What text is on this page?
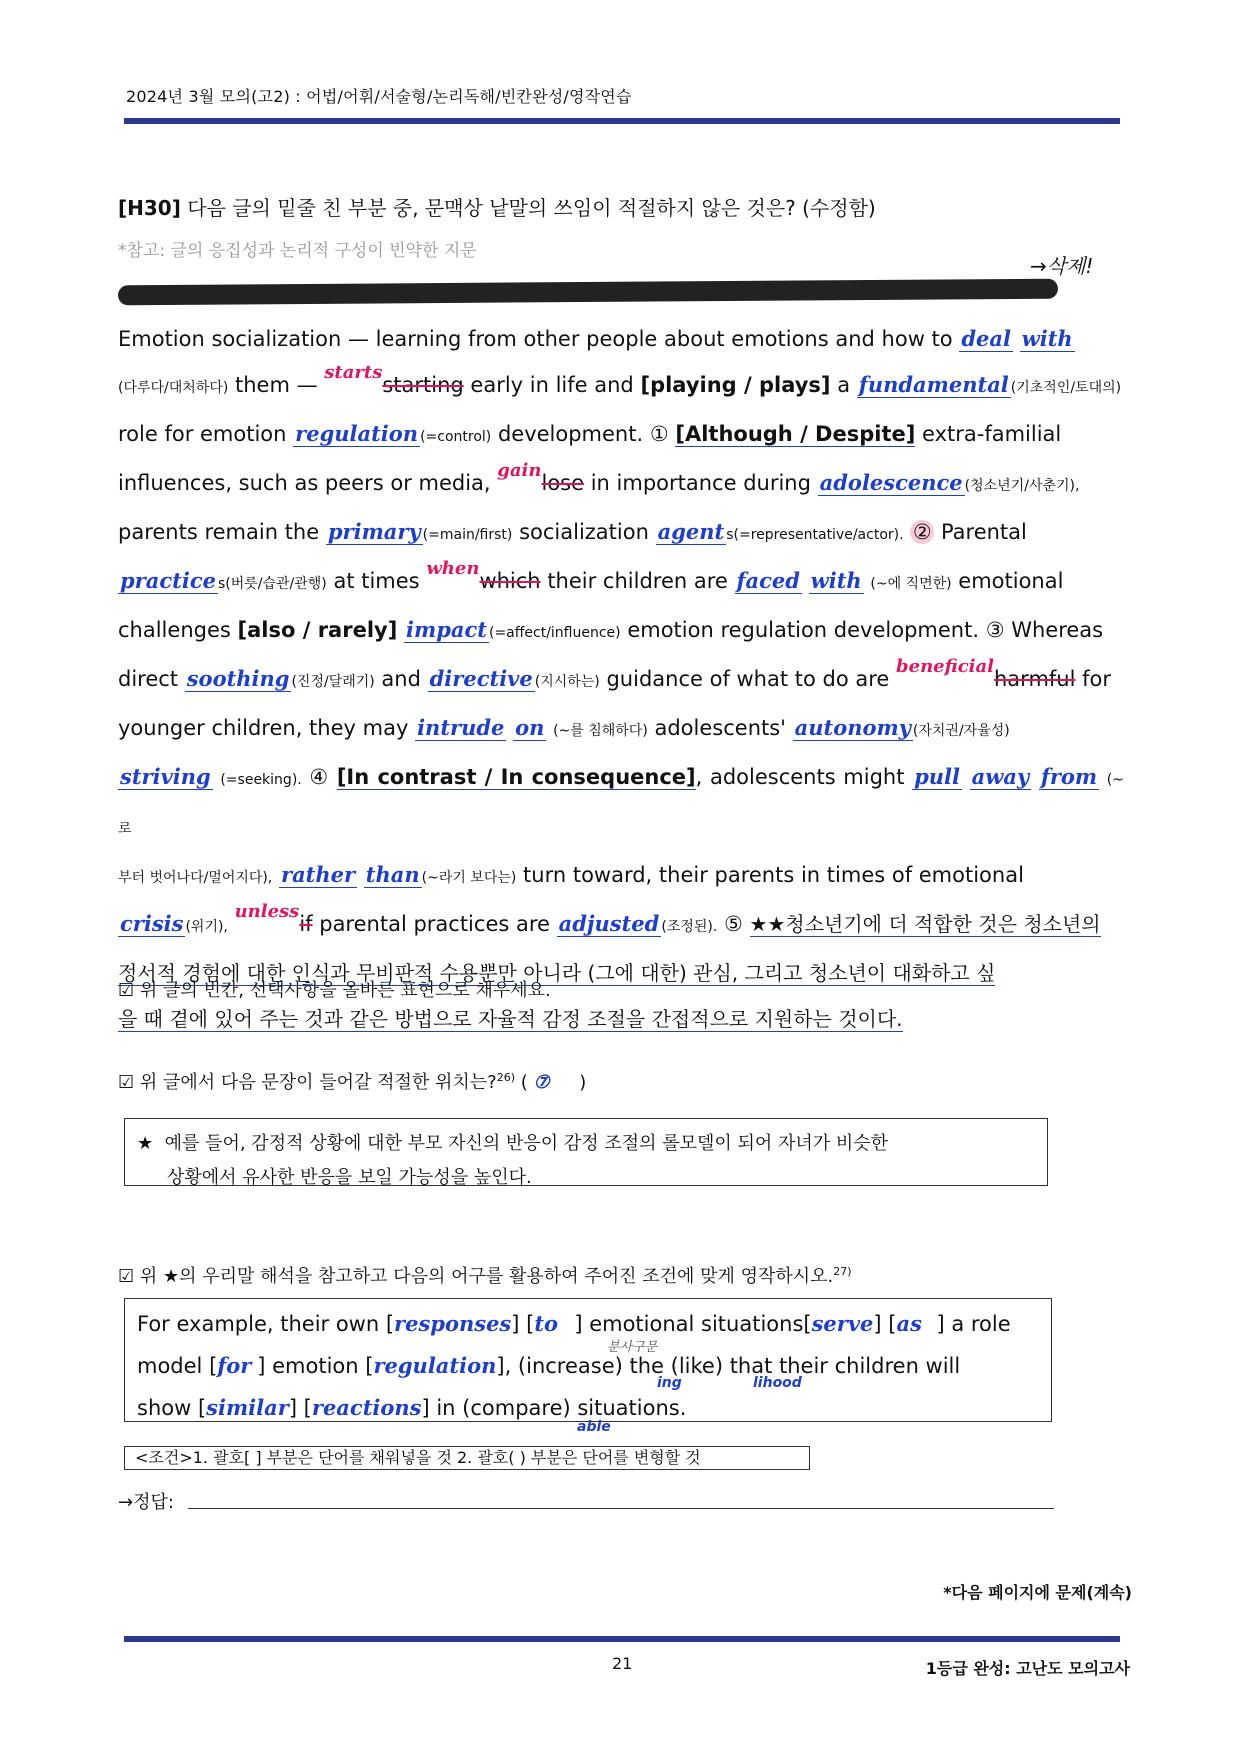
2024년 3월 모의(고2) : 어법/어휘/서술형/논리독해/빈칸완성/영작연습
[H30] 다음 글의 밑줄 친 부분 중, 문맥상 낱말의 쓰임이 적절하지 않은 것은? (수정함)
*참고: 글의 응집성과 논리적 구성이 빈약한 지문
→삭제!
Emotion socialization — learning from other people about emotions and how to deal with
(다루다/대처하다) them — startsstarting early in life and [playing / plays] a fundamental (기초적인/토대의)
role for emotion regulation (=control) development. ① [Although / Despite] extra-familial
influences, such as peers or media, gainlose in importance during adolescence (청소년기/사춘기),
parents remain the primary (=main/first) socialization agent s(=representative/actor). ② Parental
practice s(버릇/습관/관행) at times whenwhich their children are faced with (~에 직면한) emotional
challenges [also / rarely] impact (=affect/influence) emotion regulation development. ③ Whereas
direct soothing (진정/달래기) and directive (지시하는) guidance of what to do are beneficialharmful for
younger children, they may intrude on (~를 침해하다) adolescents' autonomy (자치권/자율성)
striving (=seeking). ④ [In contrast / In consequence], adolescents might pull away from (~로
부터 벗어나다/멀어지다), rather than (~라기 보다는) turn toward, their parents in times of emotional
crisis (위기), unlessif parental practices are adjusted (조정된). ⑤ ★★청소년기에 더 적합한 것은 청소년의
정서적 경험에 대한 인식과 무비판적 수용뿐만 아니라 (그에 대한) 관심, 그리고 청소년이 대화하고 싶
을 때 곁에 있어 주는 것과 같은 방법으로 자율적 감정 조절을 간접적으로 지원하는 것이다.
☑ 위 글의 빈칸, 선택사항을 올바른 표현으로 채우세요.
☑ 위 글에서 다음 문장이 들어갈 적절한 위치는?$^{26)}$ ( ⑦ )
★ 예를 들어, 감정적 상황에 대한 부모 자신의 반응이 감정 조절의 롤모델이 되어 자녀가 비슷한
상황에서 유사한 반응을 보일 가능성을 높인다.
☑ 위 ★의 우리말 해석을 참고하고 다음의 어구를 활용하여 주어진 조건에 맞게 영작하시오.$^{27)}$
For example, their own [responses] [to ] emotional situations[serve] [as ] a role
model [for ] emotion [regulation], (increase) the (like) that their children will
분사구문
ing	lihood
show [similar] [reactions] in (compare) situations.
able
<조건>1. 괄호[ ] 부분은 단어를 채워넣을 것 2. 괄호( ) 부분은 단어를 변형할 것
→정답:
*다음 페이지에 문제(계속)
21	1등급 완성: 고난도 모의고사
